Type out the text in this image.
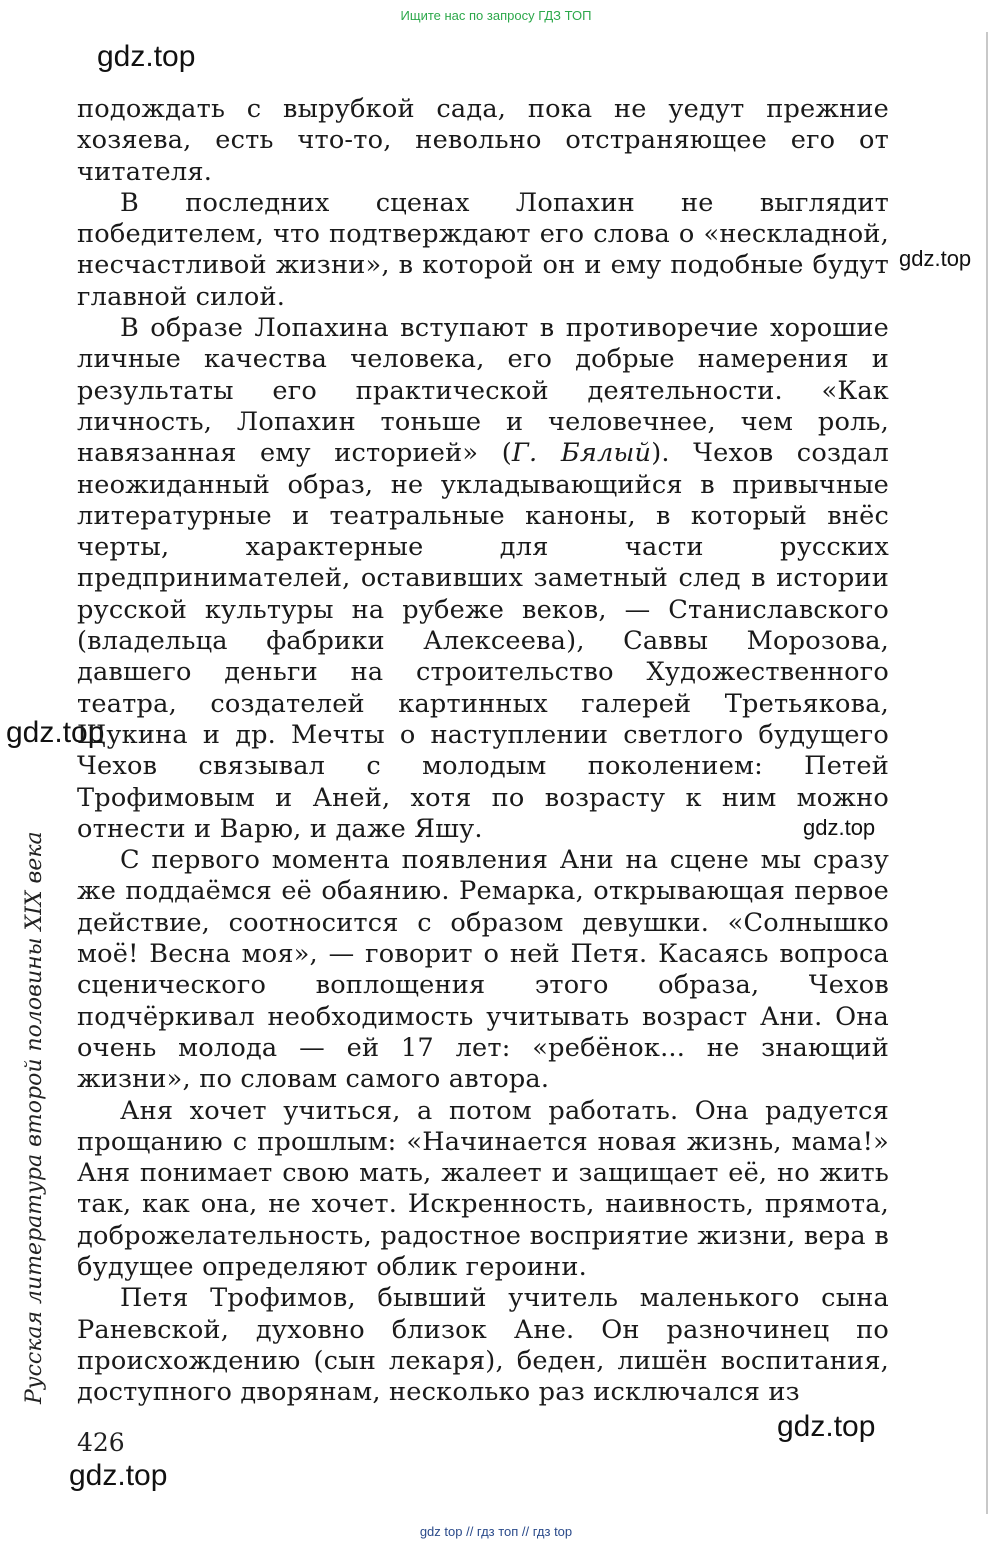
Ищите нас по запросу ГДЗ ТОП
gdz.top
gdz.top
gdz.top
gdz.top
gdz.top
gdz.top

подождать с вырубкой сада, пока не уедут прежние хозяева, есть что-то, невольно отстраняющее его от читателя.

В последних сценах Лопахин не выглядит победителем, что подтверждают его слова о «нескладной, несчастливой жизни», в которой он и ему подобные будут главной силой.

В образе Лопахина вступают в противоречие хорошие личные качества человека, его добрые намерения и результаты его практической деятельности. «Как личность, Лопахин тоньше и человечнее, чем роль, навязанная ему историей» (Г. Бялый). Чехов создал неожиданный образ, не укладывающийся в привычные литературные и театральные каноны, в который внёс черты, характерные для части русских предпринимателей, оставивших заметный след в истории русской культуры на рубеже веков, — Станиславского (владельца фабрики Алексеева), Саввы Морозова, давшего деньги на строительство Художественного театра, создателей картинных галерей Третьякова, Щукина и др. Мечты о наступлении светлого будущего Чехов связывал с молодым поколением: Петей Трофимовым и Аней, хотя по возрасту к ним можно отнести и Варю, и даже Яшу.

С первого момента появления Ани на сцене мы сразу же поддаёмся её обаянию. Ремарка, открывающая первое действие, соотносится с образом девушки. «Солнышко моё! Весна моя», — говорит о ней Петя. Касаясь вопроса сценического воплощения этого образа, Чехов подчёркивал необходимость учитывать возраст Ани. Она очень молода — ей 17 лет: «ребёнок... не знающий жизни», по словам самого автора.

Аня хочет учиться, а потом работать. Она радуется прощанию с прошлым: «Начинается новая жизнь, мама!» Аня понимает свою мать, жалеет и защищает её, но жить так, как она, не хочет. Искренность, наивность, прямота, доброжелательность, радостное восприятие жизни, вера в будущее определяют облик героини.

Петя Трофимов, бывший учитель маленького сына Раневской, духовно близок Ане. Он разночинец по происхождению (сын лекаря), беден, лишён воспитания, доступного дворянам, несколько раз исключался из

Русская литература второй половины XIX века
426
gdz top // гдз топ // гдз top
